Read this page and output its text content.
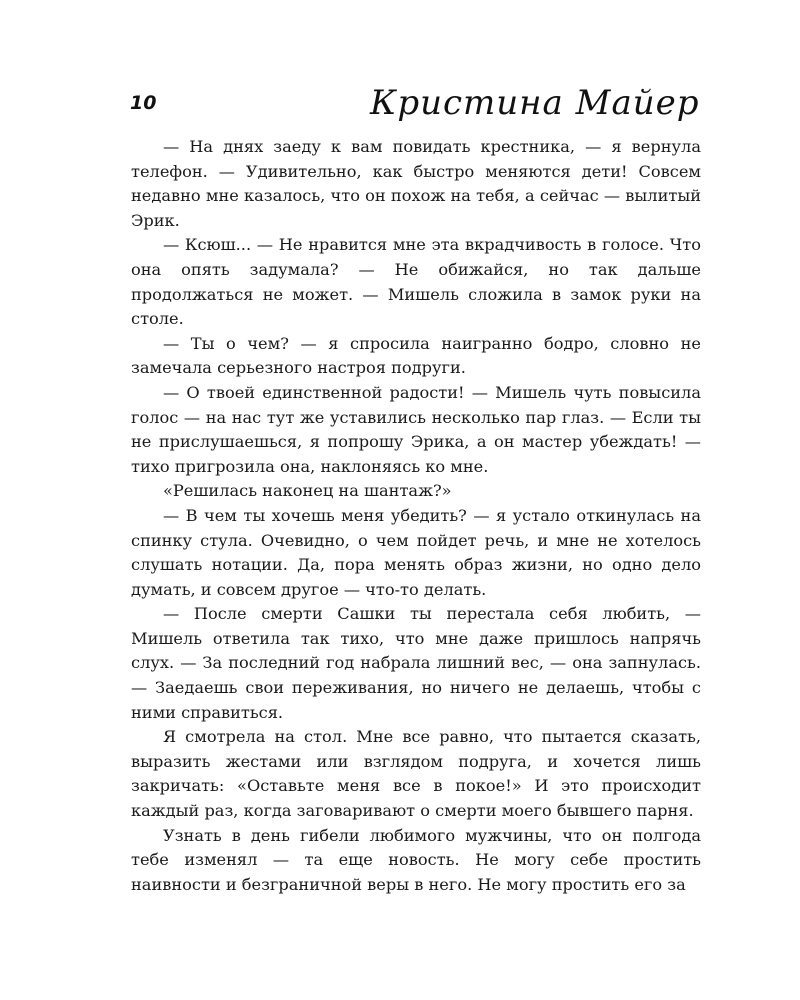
10	Кристина Майер

— На днях заеду к вам повидать крестника, — я вернула телефон. — Удивительно, как быстро меняются дети! Совсем недавно мне казалось, что он похож на тебя, а сейчас — вылитый Эрик.

— Ксюш... — Не нравится мне эта вкрадчивость в голосе. Что она опять задумала? — Не обижайся, но так дальше продолжаться не может. — Мишель сложила в замок руки на столе.

— Ты о чем? — я спросила наигранно бодро, словно не замечала серьезного настроя подруги.

— О твоей единственной радости! — Мишель чуть повысила голос — на нас тут же уставились несколько пар глаз. — Если ты не прислушаешься, я попрошу Эрика, а он мастер убеждать! — тихо пригрозила она, наклоняясь ко мне.

«Решилась наконец на шантаж?»

— В чем ты хочешь меня убедить? — я устало откинулась на спинку стула. Очевидно, о чем пойдет речь, и мне не хотелось слушать нотации. Да, пора менять образ жизни, но одно дело думать, и совсем другое — что-то делать.

— После смерти Сашки ты перестала себя любить, — Мишель ответила так тихо, что мне даже пришлось напрячь слух. — За последний год набрала лишний вес, — она запнулась. — Заедаешь свои переживания, но ничего не делаешь, чтобы с ними справиться.

Я смотрела на стол. Мне все равно, что пытается сказать, выразить жестами или взглядом подруга, и хочется лишь закричать: «Оставьте меня все в покое!» И это происходит каждый раз, когда заговаривают о смерти моего бывшего парня.

Узнать в день гибели любимого мужчины, что он полгода тебе изменял — та еще новость. Не могу себе простить наивности и безграничной веры в него. Не могу простить его за
